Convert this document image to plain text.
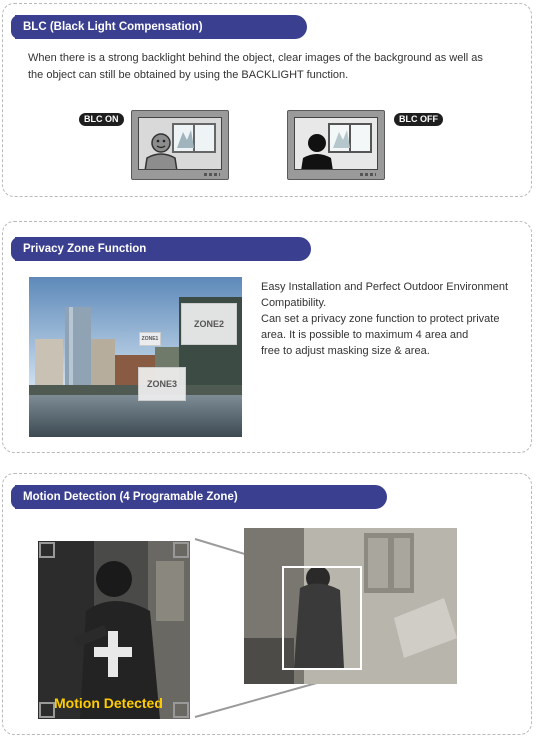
BLC (Black Light Compensation)
When there is a strong backlight behind the object, clear images of the background as well as
the object can still be obtained by using the BACKLIGHT function.
BLC ON	BLC OFF
Privacy Zone Function
ZONE1
ZONE2
ZONE3
Easy Installation and Perfect Outdoor Environment
Compatibility.
Can set a privacy zone function to protect private
area. It is possible to maximum 4 area and
free to adjust masking size & area.
Motion Detection (4 Programable Zone)
Motion Detected
